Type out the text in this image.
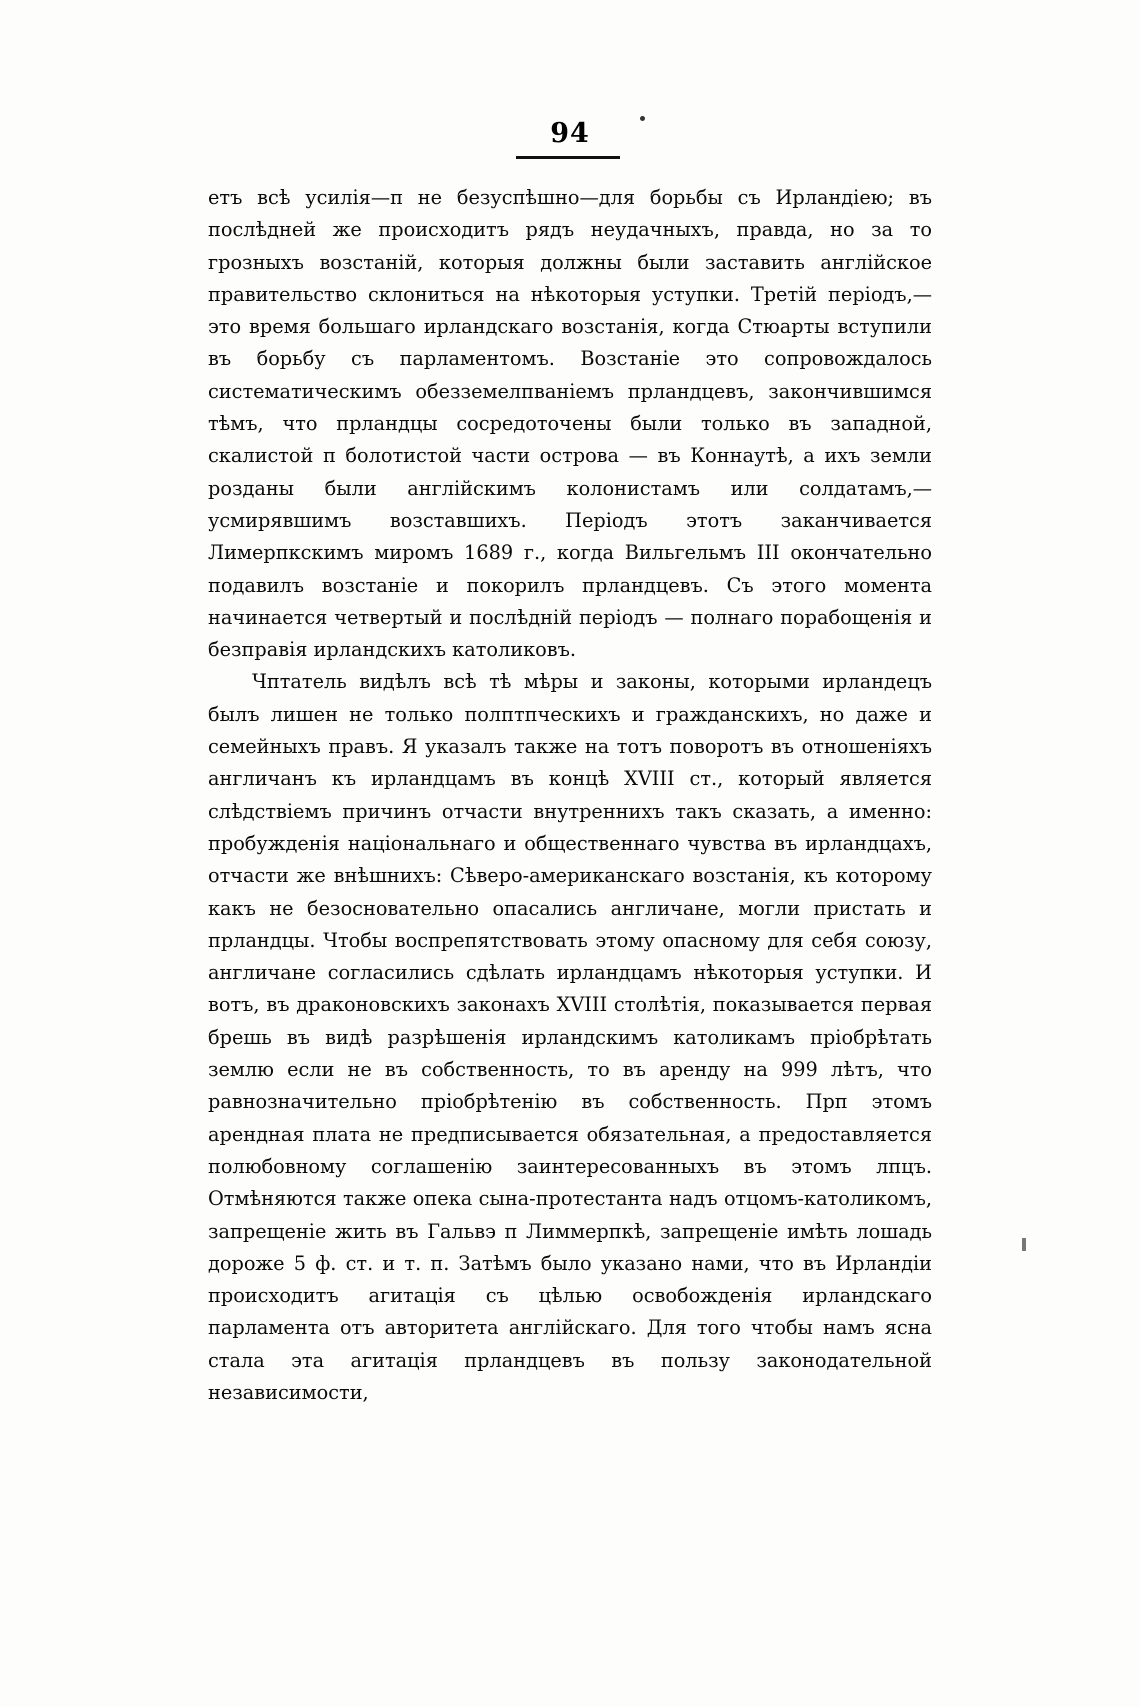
94

етъ всѣ усилія—п не безуспѣшно—для борьбы съ Ирландіею; въ послѣдней же происходитъ рядъ неудачныхъ, правда, но за то грозныхъ возстаній, которыя должны были заставить англійское правительство склониться на нѣкоторыя уступки. Третій періодъ,—это время большаго ирландскаго возстанія, когда Стюарты вступили въ борьбу съ парламентомъ. Возстаніе это сопровождалось систематическимъ обезземелпваніемъ прландцевъ, закончившимся тѣмъ, что прландцы сосредоточены были только въ западной, скалистой п болотистой части острова — въ Коннаутѣ, а ихъ земли розданы были англійскимъ колонистамъ или солдатамъ,—усмирявшимъ возставшихъ. Періодъ этотъ заканчивается Лимерпкскимъ миромъ 1689 г., когда Вильгельмъ III окончательно подавилъ возстаніе и покорилъ прландцевъ. Съ этого момента начинается четвертый и послѣдній періодъ — полнаго порабощенія и безправія ирландскихъ католиковъ.

Чптатель видѣлъ всѣ тѣ мѣры и законы, которыми ирландецъ былъ лишен не только полптпческихъ и гражданскихъ, но даже и семейныхъ правъ. Я указалъ также на тотъ поворотъ въ отношеніяхъ англичанъ къ ирландцамъ въ концѣ XVIII ст., который является слѣдствіемъ причинъ отчасти внутреннихъ такъ сказать, а именно: пробужденія національнаго и общественнаго чувства въ ирландцахъ, отчасти же внѣшнихъ: Сѣверо-американскаго возстанія, къ которому какъ не безосновательно опасались англичане, могли пристать и прландцы. Чтобы воспрепятствовать этому опасному для себя союзу, англичане согласились сдѣлать ирландцамъ нѣкоторыя уступки. И вотъ, въ драконовскихъ законахъ XVIII столѣтія, показывается первая брешь въ видѣ разрѣшенія ирландскимъ католикамъ пріобрѣтать землю если не въ собственность, то въ аренду на 999 лѣтъ, что равнозначительно пріобрѣтенію въ собственность. Прп этомъ арендная плата не предписывается обязательная, а предоставляется полюбовному соглашенію заинтересованныхъ въ этомъ лпцъ. Отмѣняются также опека сына-протестанта надъ отцомъ-католикомъ, запрещеніе жить въ Гальвэ п Лиммерпкѣ, запрещеніе имѣть лошадь дороже 5 ф. ст. и т. п. Затѣмъ было указано нами, что въ Ирландіи происходитъ агитація съ цѣлью освобожденія ирландскаго парламента отъ авторитета англійскаго. Для того чтобы намъ ясна стала эта агитація прландцевъ въ пользу законодательной независимости,
